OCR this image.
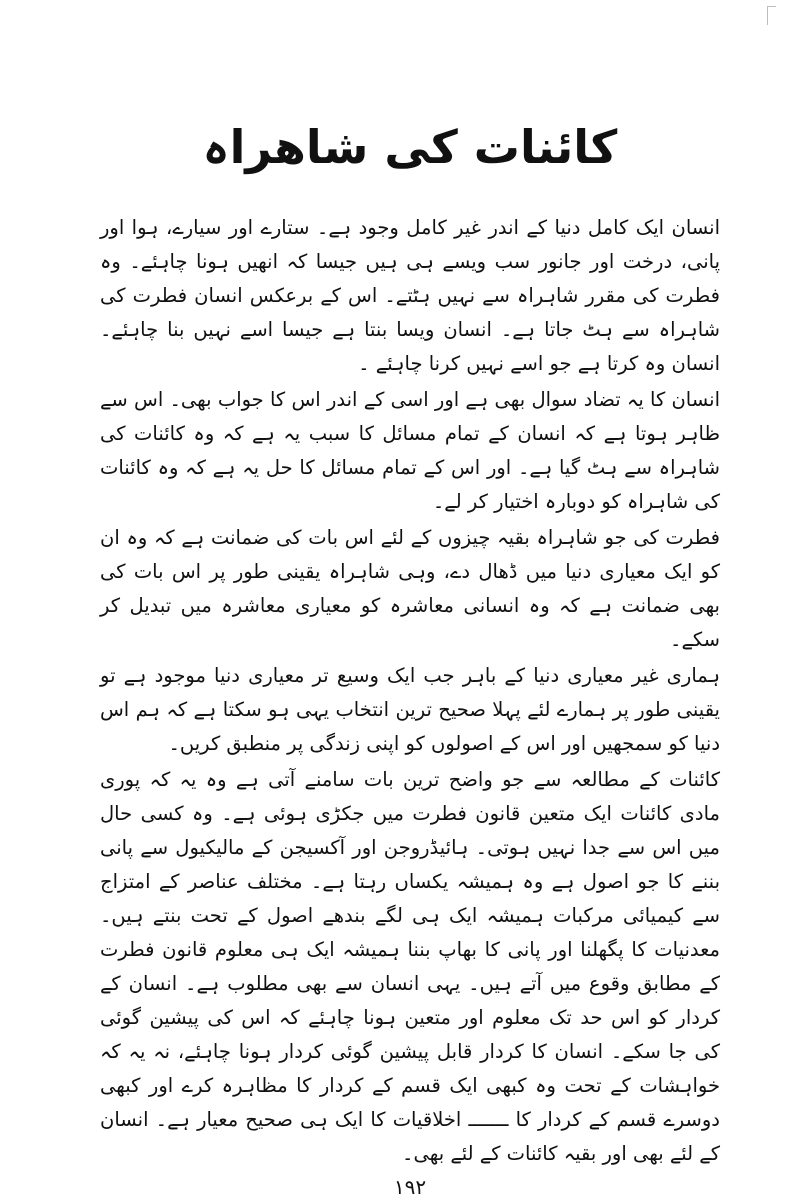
کائنات کی شاھراہ

انسان ایک کامل دنیا کے اندر غیر کامل وجود ہے۔ ستارے اور سیارے، ہوا اور پانی، درخت اور جانور سب ویسے ہی ہیں جیسا کہ انھیں ہونا چاہئے۔ وہ فطرت کی مقرر شاہراہ سے نہیں ہٹتے۔ اس کے برعکس انسان فطرت کی شاہراہ سے ہٹ جاتا ہے۔ انسان ویسا بنتا ہے جیسا اسے نہیں بنا چاہئے۔ انسان وہ کرتا ہے جو اسے نہیں کرنا چاہئے ۔

انسان کا یہ تضاد سوال بھی ہے اور اسی کے اندر اس کا جواب بھی۔ اس سے ظاہر ہوتا ہے کہ انسان کے تمام مسائل کا سبب یہ ہے کہ وہ کائنات کی شاہراہ سے ہٹ گیا ہے۔ اور اس کے تمام مسائل کا حل یہ ہے کہ وہ کائنات کی شاہراہ کو دوبارہ اختیار کر لے۔

فطرت کی جو شاہراہ بقیہ چیزوں کے لئے اس بات کی ضمانت ہے کہ وہ ان کو ایک معیاری دنیا میں ڈھال دے، وہی شاہراہ یقینی طور پر اس بات کی بھی ضمانت ہے کہ وہ انسانی معاشرہ کو معیاری معاشرہ میں تبدیل کر سکے۔

ہماری غیر معیاری دنیا کے باہر جب ایک وسیع تر معیاری دنیا موجود ہے تو یقینی طور پر ہمارے لئے پہلا صحیح ترین انتخاب یہی ہو سکتا ہے کہ ہم اس دنیا کو سمجھیں اور اس کے اصولوں کو اپنی زندگی پر منطبق کریں۔

کائنات کے مطالعہ سے جو واضح ترین بات سامنے آتی ہے وہ یہ کہ پوری مادی کائنات ایک متعین قانون فطرت میں جکڑی ہوئی ہے۔ وہ کسی حال میں اس سے جدا نہیں ہوتی۔ ہائیڈروجن اور آکسیجن کے مالیکیول سے پانی بننے کا جو اصول ہے وہ ہمیشہ یکساں رہتا ہے۔ مختلف عناصر کے امتزاج سے کیمیائی مرکبات ہمیشہ ایک ہی لگے بندھے اصول کے تحت بنتے ہیں۔ معدنیات کا پگھلنا اور پانی کا بھاپ بننا ہمیشہ ایک ہی معلوم قانون فطرت کے مطابق وقوع میں آتے ہیں۔ یہی انسان سے بھی مطلوب ہے۔ انسان کے کردار کو اس حد تک معلوم اور متعین ہونا چاہئے کہ اس کی پیشین گوئی کی جا سکے۔ انسان کا کردار قابل پیشین گوئی کردار ہونا چاہئے، نہ یہ کہ خواہشات کے تحت وہ کبھی ایک قسم کے کردار کا مظاہرہ کرے اور کبھی دوسرے قسم کے کردار کا ـــــــ اخلاقیات کا ایک ہی صحیح معیار ہے۔ انسان کے لئے بھی اور بقیہ کائنات کے لئے بھی۔

۱۹۲
